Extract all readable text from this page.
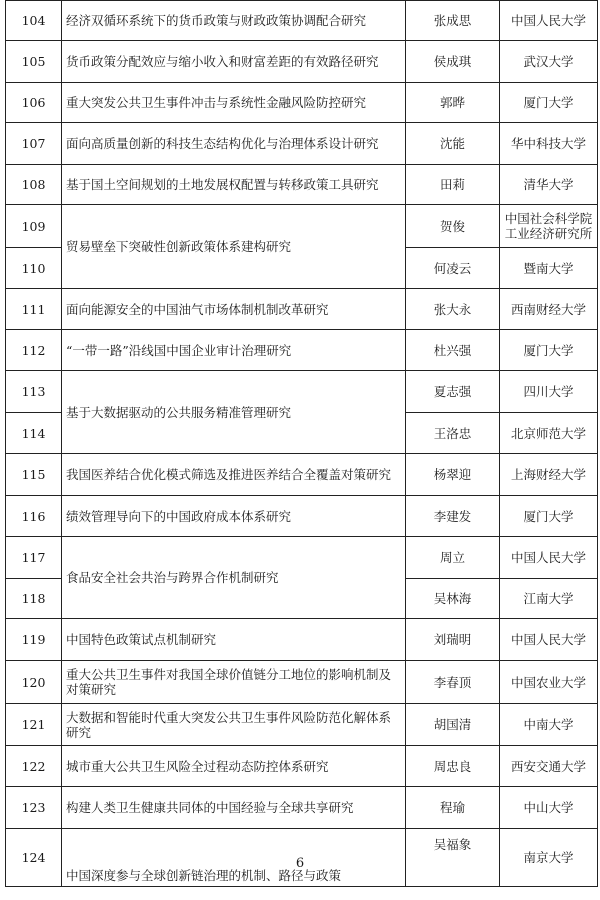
104	经济双循环系统下的货币政策与财政政策协调配合研究	张成思	中国人民大学
105	货币政策分配效应与缩小收入和财富差距的有效路径研究	侯成琪	武汉大学
106	重大突发公共卫生事件冲击与系统性金融风险防控研究	郭晔	厦门大学
107	面向高质量创新的科技生态结构优化与治理体系设计研究	沈能	华中科技大学
108	基于国土空间规划的土地发展权配置与转移政策工具研究	田莉	清华大学
109	贸易壁垒下突破性创新政策体系建构研究	贺俊	中国社会科学院工业经济研究所
110		何凌云	暨南大学
111	面向能源安全的中国油气市场体制机制改革研究	张大永	西南财经大学
112	“一带一路”沿线国中国企业审计治理研究	杜兴强	厦门大学
113	基于大数据驱动的公共服务精准管理研究	夏志强	四川大学
114		王洛忠	北京师范大学
115	我国医养结合优化模式筛选及推进医养结合全覆盖对策研究	杨翠迎	上海财经大学
116	绩效管理导向下的中国政府成本体系研究	李建发	厦门大学
117	食品安全社会共治与跨界合作机制研究	周立	中国人民大学
118		吴林海	江南大学
119	中国特色政策试点机制研究	刘瑞明	中国人民大学
120	重大公共卫生事件对我国全球价值链分工地位的影响机制及对策研究	李春顶	中国农业大学
121	大数据和智能时代重大突发公共卫生事件风险防范化解体系研究	胡国清	中南大学
122	城市重大公共卫生风险全过程动态防控体系研究	周忠良	西安交通大学
123	构建人类卫生健康共同体的中国经验与全球共享研究	程瑜	中山大学
124	中国深度参与全球创新链治理的机制、路径与政策	吴福象	南京大学
6
